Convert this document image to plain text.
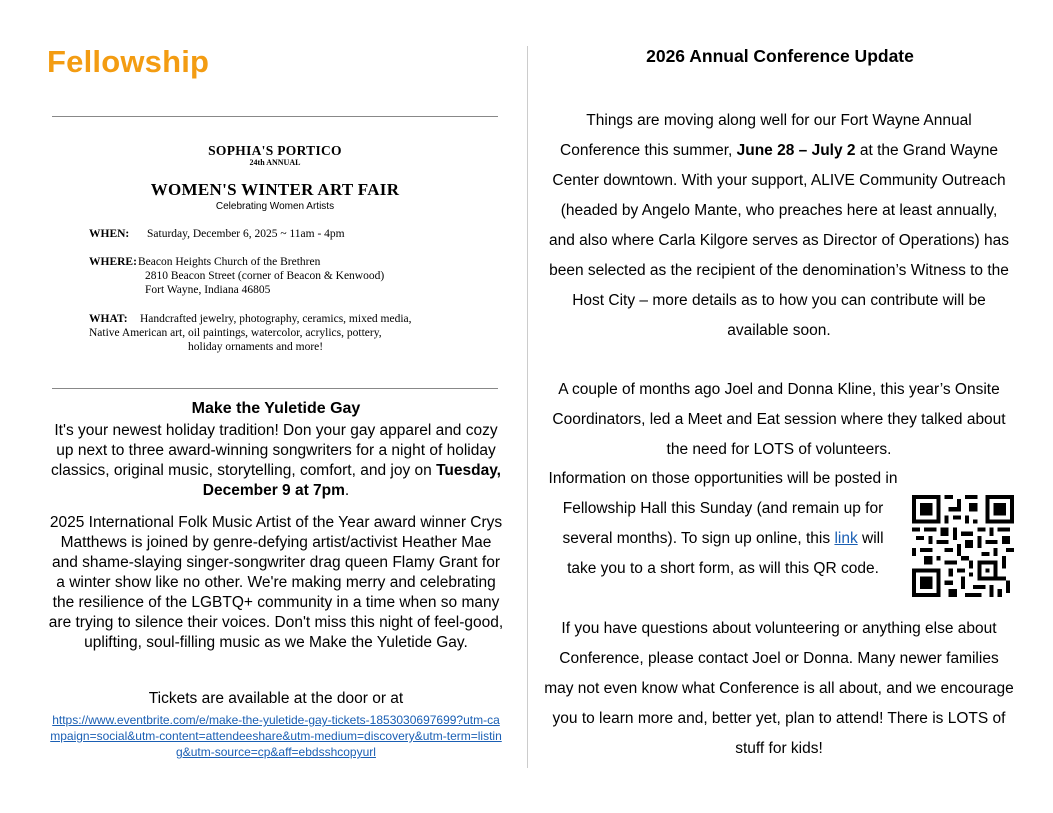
Fellowship
SOPHIA'S PORTICO
24th ANNUAL
WOMEN'S WINTER ART FAIR
Celebrating Women Artists
WHEN: Saturday, December 6, 2025 ~ 11am - 4pm
WHERE: Beacon Heights Church of the Brethren
2810 Beacon Street (corner of Beacon & Kenwood)
Fort Wayne, Indiana 46805
WHAT: Handcrafted jewelry, photography, ceramics, mixed media,
Native American art, oil paintings, watercolor, acrylics, pottery,
holiday ornaments and more!
Make the Yuletide Gay
It's your newest holiday tradition! Don your gay apparel and cozy up next to three award-winning songwriters for a night of holiday classics, original music, storytelling, comfort, and joy on Tuesday, December 9 at 7pm.
2025 International Folk Music Artist of the Year award winner Crys Matthews is joined by genre-defying artist/activist Heather Mae and shame-slaying singer-songwriter drag queen Flamy Grant for a winter show like no other. We're making merry and celebrating the resilience of the LGBTQ+ community in a time when so many are trying to silence their voices. Don't miss this night of feel-good, uplifting, soul-filling music as we Make the Yuletide Gay.
Tickets are available at the door or at
https://www.eventbrite.com/e/make-the-yuletide-gay-tickets-1853030697699?utm-campaign=social&utm-content=attendeeshare&utm-medium=discovery&utm-term=listing&utm-source=cp&aff=ebdsshcopyurl
2026 Annual Conference Update
Things are moving along well for our Fort Wayne Annual Conference this summer, June 28 – July 2 at the Grand Wayne Center downtown. With your support, ALIVE Community Outreach (headed by Angelo Mante, who preaches here at least annually, and also where Carla Kilgore serves as Director of Operations) has been selected as the recipient of the denomination’s Witness to the Host City – more details as to how you can contribute will be available soon.
A couple of months ago Joel and Donna Kline, this year’s Onsite Coordinators, led a Meet and Eat session where they talked about the need for LOTS of volunteers.
Information on those opportunities will be posted in Fellowship Hall this Sunday (and remain up for several months). To sign up online, this link will take you to a short form, as will this QR code.
If you have questions about volunteering or anything else about Conference, please contact Joel or Donna. Many newer families may not even know what Conference is all about, and we encourage you to learn more and, better yet, plan to attend! There is LOTS of stuff for kids!
